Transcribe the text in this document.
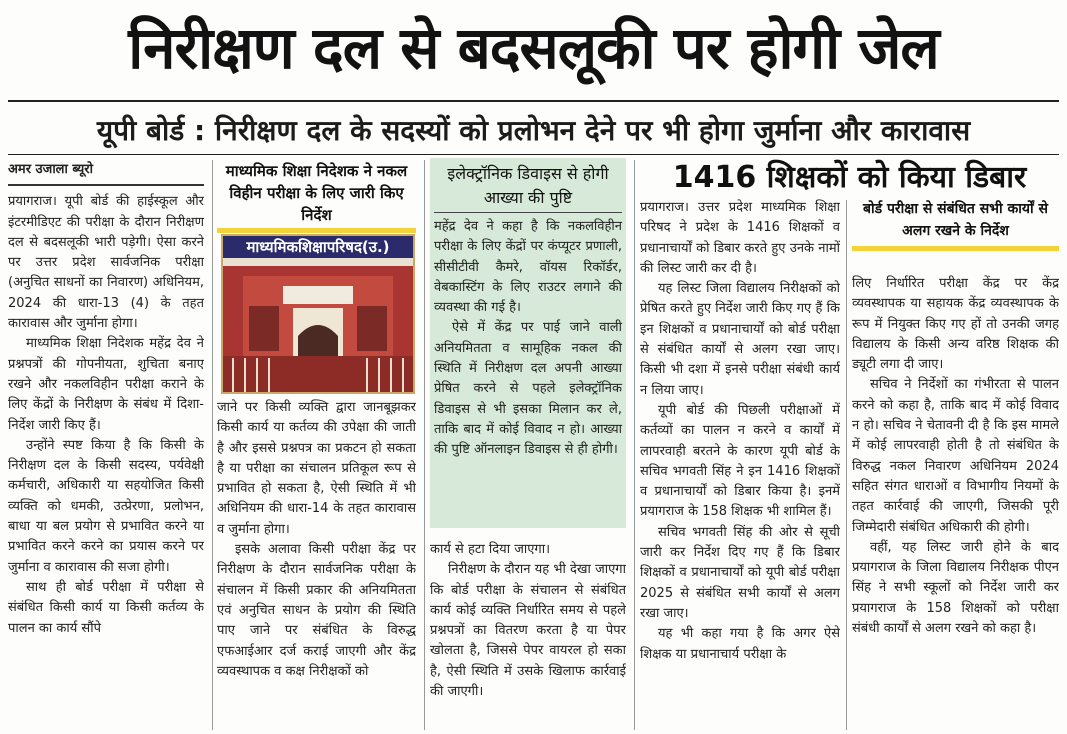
निरीक्षण दल से बदसलूकी पर होगी जेल
यूपी बोर्ड : निरीक्षण दल के सदस्यों को प्रलोभन देने पर भी होगा जुर्माना और कारावास
अमर उजाला ब्यूरो

प्रयागराज। यूपी बोर्ड की हाईस्कूल और इंटरमीडिएट की परीक्षा के दौरान निरीक्षण दल से बदसलूकी भारी पड़ेगी। ऐसा करने पर उत्तर प्रदेश सार्वजनिक परीक्षा (अनुचित साधनों का निवारण) अधिनियम, 2024 की धारा-13 (4) के तहत कारावास और जुर्माना होगा।

माध्यमिक शिक्षा निदेशक महेंद्र देव ने प्रश्नपत्रों की गोपनीयता, शुचिता बनाए रखने और नकलविहीन परीक्षा कराने के लिए केंद्रों के निरीक्षण के संबंध में दिशा-निर्देश जारी किए हैं।

उन्होंने स्पष्ट किया है कि किसी के निरीक्षण दल के किसी सदस्य, पर्यवेक्षी कर्मचारी, अधिकारी या सहयोजित किसी व्यक्ति को धमकी, उत्प्रेरणा, प्रलोभन, बाधा या बल प्रयोग से प्रभावित करने या प्रभावित करने करने का प्रयास करने पर जुर्माना व कारावास की सजा होगी।

साथ ही बोर्ड परीक्षा में परीक्षा से संबंधित किसी कार्य या किसी कर्तव्य के पालन का कार्य सौंपे

माध्यमिक शिक्षा निदेशक ने नकल विहीन परीक्षा के लिए जारी किए निर्देश
माध्यमिकशिक्षापरिषद(उ.)

जाने पर किसी व्यक्ति द्वारा जानबूझकर किसी कार्य या कर्तव्य की उपेक्षा की जाती है और इससे प्रश्नपत्र का प्रकटन हो सकता है या परीक्षा का संचालन प्रतिकूल रूप से प्रभावित हो सकता है, ऐसी स्थिति में भी अधिनियम की धारा-14 के तहत कारावास व जुर्माना होगा।

इसके अलावा किसी परीक्षा केंद्र पर निरीक्षण के दौरान सार्वजनिक परीक्षा के संचालन में किसी प्रकार की अनियमितता एवं अनुचित साधन के प्रयोग की स्थिति पाए जाने पर संबंधित के विरुद्ध एफआईआर दर्ज कराई जाएगी और केंद्र व्यवस्थापक व कक्ष निरीक्षकों को

इलेक्ट्रॉनिक डिवाइस से होगी आख्या की पुष्टि

महेंद्र देव ने कहा है कि नकलविहीन परीक्षा के लिए केंद्रों पर कंप्यूटर प्रणाली, सीसीटीवी कैमरे, वॉयस रिकॉर्डर, वेबकास्टिंग के लिए राउटर लगाने की व्यवस्था की गई है।

ऐसे में केंद्र पर पाई जाने वाली अनियमितता व सामूहिक नकल की स्थिति में निरीक्षण दल अपनी आख्या प्रेषित करने से पहले इलेक्ट्रॉनिक डिवाइस से भी इसका मिलान कर ले, ताकि बाद में कोई विवाद न हो। आख्या की पुष्टि ऑनलाइन डिवाइस से ही होगी।

कार्य से हटा दिया जाएगा।

निरीक्षण के दौरान यह भी देखा जाएगा कि बोर्ड परीक्षा के संचालन से संबंधित कार्य कोई व्यक्ति निर्धारित समय से पहले प्रश्नपत्रों का वितरण करता है या पेपर खोलता है, जिससे पेपर वायरल हो सका है, ऐसी स्थिति में उसके खिलाफ कार्रवाई की जाएगी।

1416 शिक्षकों को किया डिबार

प्रयागराज। उत्तर प्रदेश माध्यमिक शिक्षा परिषद ने प्रदेश के 1416 शिक्षकों व प्रधानाचार्यों को डिबार करते हुए उनके नामों की लिस्ट जारी कर दी है।

यह लिस्ट जिला विद्यालय निरीक्षकों को प्रेषित करते हुए निर्देश जारी किए गए हैं कि इन शिक्षकों व प्रधानाचार्यों को बोर्ड परीक्षा से संबंधित कार्यों से अलग रखा जाए। किसी भी दशा में इनसे परीक्षा संबंधी कार्य न लिया जाए।

यूपी बोर्ड की पिछली परीक्षाओं में कर्तव्यों का पालन न करने व कार्यों में लापरवाही बरतने के कारण यूपी बोर्ड के सचिव भगवती सिंह ने इन 1416 शिक्षकों व प्रधानाचार्यों को डिबार किया है। इनमें प्रयागराज के 158 शिक्षक भी शामिल हैं।

सचिव भगवती सिंह की ओर से सूची जारी कर निर्देश दिए गए हैं कि डिबार शिक्षकों व प्रधानाचार्यों को यूपी बोर्ड परीक्षा 2025 से संबंधित सभी कार्यों से अलग रखा जाए।

यह भी कहा गया है कि अगर ऐसे शिक्षक या प्रधानाचार्य परीक्षा के

बोर्ड परीक्षा से संबंधित सभी कार्यों से अलग रखने के निर्देश

लिए निर्धारित परीक्षा केंद्र पर केंद्र व्यवस्थापक या सहायक केंद्र व्यवस्थापक के रूप में नियुक्त किए गए हों तो उनकी जगह विद्यालय के किसी अन्य वरिष्ठ शिक्षक की ड्यूटी लगा दी जाए।

सचिव ने निर्देशों का गंभीरता से पालन करने को कहा है, ताकि बाद में कोई विवाद न हो। सचिव ने चेतावनी दी है कि इस मामले में कोई लापरवाही होती है तो संबंधित के विरुद्ध नकल निवारण अधिनियम 2024 सहित संगत धाराओं व विभागीय नियमों के तहत कार्रवाई की जाएगी, जिसकी पूरी जिम्मेदारी संबंधित अधिकारी की होगी।

वहीं, यह लिस्ट जारी होने के बाद प्रयागराज के जिला विद्यालय निरीक्षक पीएन सिंह ने सभी स्कूलों को निर्देश जारी कर प्रयागराज के 158 शिक्षकों को परीक्षा संबंधी कार्यों से अलग रखने को कहा है।
